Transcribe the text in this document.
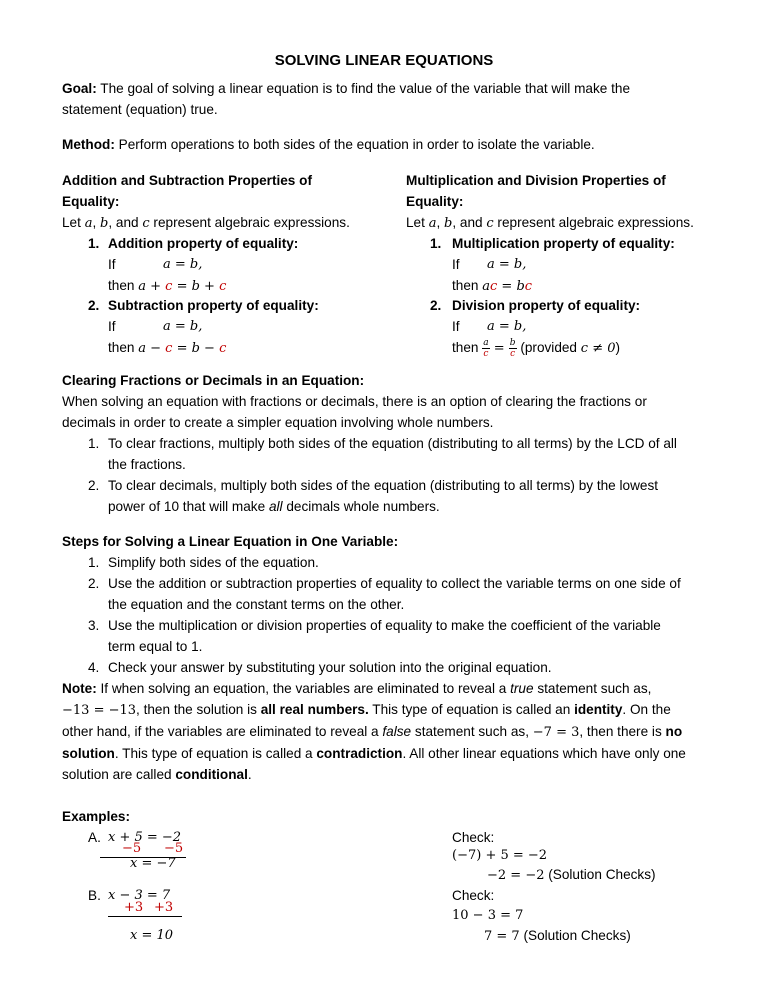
SOLVING LINEAR EQUATIONS
Goal: The goal of solving a linear equation is to find the value of the variable that will make the
statement (equation) true.
Method: Perform operations to both sides of the equation in order to isolate the variable.
Addition and Subtraction Properties of
Equality:
Let a, b, and c represent algebraic expressions.
1. Addition property of equality:
If	a = b,
then a + c = b + c
2. Subtraction property of equality:
If	a = b,
then a − c = b − c
Multiplication and Division Properties of
Equality:
Let a, b, and c represent algebraic expressions.
1. Multiplication property of equality:
If a = b,
then ac = bc
2. Division property of equality:
If a = b,
then $\frac{a}{c} = \frac{b}{c}$ (provided c ≠ 0)
Clearing Fractions or Decimals in an Equation:
When solving an equation with fractions or decimals, there is an option of clearing the fractions or
decimals in order to create a simpler equation involving whole numbers.
1. To clear fractions, multiply both sides of the equation (distributing to all terms) by the LCD of all
the fractions.
2. To clear decimals, multiply both sides of the equation (distributing to all terms) by the lowest
power of 10 that will make all decimals whole numbers.
Steps for Solving a Linear Equation in One Variable:
1. Simplify both sides of the equation.
2. Use the addition or subtraction properties of equality to collect the variable terms on one side of
the equation and the constant terms on the other.
3. Use the multiplication or division properties of equality to make the coefficient of the variable
term equal to 1.
4. Check your answer by substituting your solution into the original equation.
Note: If when solving an equation, the variables are eliminated to reveal a true statement such as,
−13 = −13, then the solution is all real numbers. This type of equation is called an identity. On the
other hand, if the variables are eliminated to reveal a false statement such as, −7 = 3, then there is no
solution. This type of equation is called a contradiction. All other linear equations which have only one
solution are called conditional.
Examples:
A. x + 5 = −2
−5 −5
x = −7
Check:
(−7) + 5 = −2
−2 = −2 (Solution Checks)
B. x − 3 = 7
+3 +3
x = 10
Check:
10 − 3 = 7
7 = 7 (Solution Checks)
